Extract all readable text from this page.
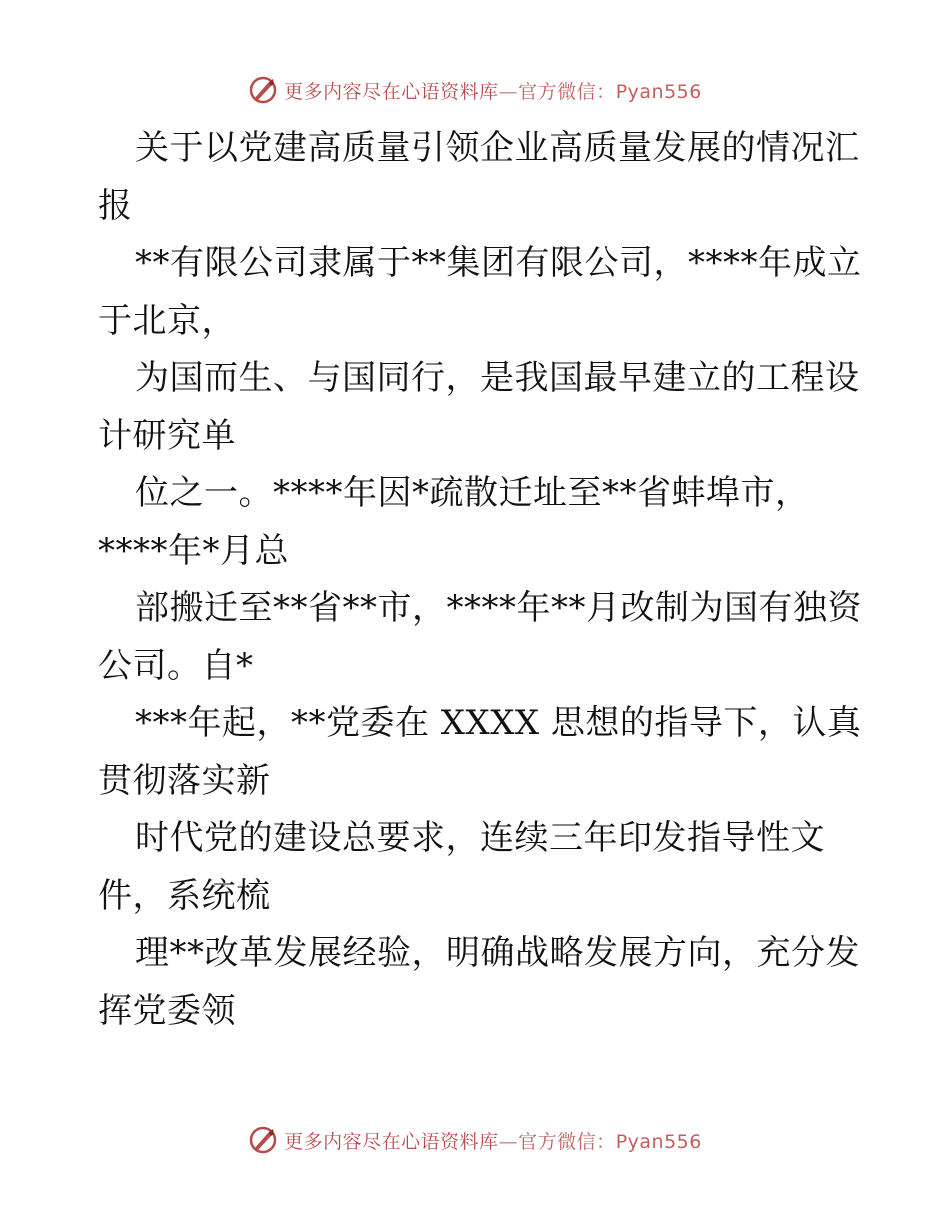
更多内容尽在心语资料库—官方微信：Pyan556
关于以党建高质量引领企业高质量发展的情况汇
报
**有限公司隶属于**集团有限公司，****年成立
于北京，
为国而生、与国同行，是我国最早建立的工程设
计研究单
位之一。****年因*疏散迁址至**省蚌埠市，
****年*月总
部搬迁至**省**市，****年**月改制为国有独资
公司。自*
***年起，**党委在 XXXX 思想的指导下，认真
贯彻落实新
时代党的建设总要求，连续三年印发指导性文
件，系统梳
理**改革发展经验，明确战略发展方向，充分发
挥党委领
更多内容尽在心语资料库—官方微信：Pyan556
